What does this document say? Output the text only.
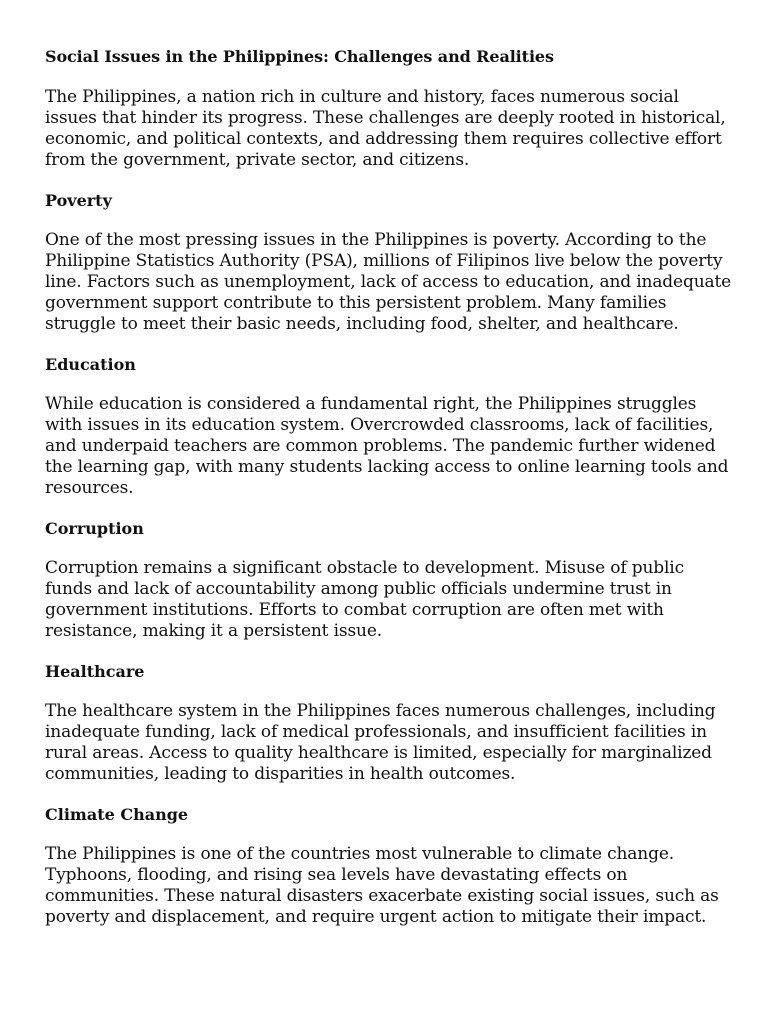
Social Issues in the Philippines: Challenges and Realities

The Philippines, a nation rich in culture and history, faces numerous social issues that hinder its progress. These challenges are deeply rooted in historical, economic, and political contexts, and addressing them requires collective effort from the government, private sector, and citizens.

Poverty

One of the most pressing issues in the Philippines is poverty. According to the Philippine Statistics Authority (PSA), millions of Filipinos live below the poverty line. Factors such as unemployment, lack of access to education, and inadequate government support contribute to this persistent problem. Many families struggle to meet their basic needs, including food, shelter, and healthcare.

Education

While education is considered a fundamental right, the Philippines struggles with issues in its education system. Overcrowded classrooms, lack of facilities, and underpaid teachers are common problems. The pandemic further widened the learning gap, with many students lacking access to online learning tools and resources.

Corruption

Corruption remains a significant obstacle to development. Misuse of public funds and lack of accountability among public officials undermine trust in government institutions. Efforts to combat corruption are often met with resistance, making it a persistent issue.

Healthcare

The healthcare system in the Philippines faces numerous challenges, including inadequate funding, lack of medical professionals, and insufficient facilities in rural areas. Access to quality healthcare is limited, especially for marginalized communities, leading to disparities in health outcomes.

Climate Change

The Philippines is one of the countries most vulnerable to climate change. Typhoons, flooding, and rising sea levels have devastating effects on communities. These natural disasters exacerbate existing social issues, such as poverty and displacement, and require urgent action to mitigate their impact.
